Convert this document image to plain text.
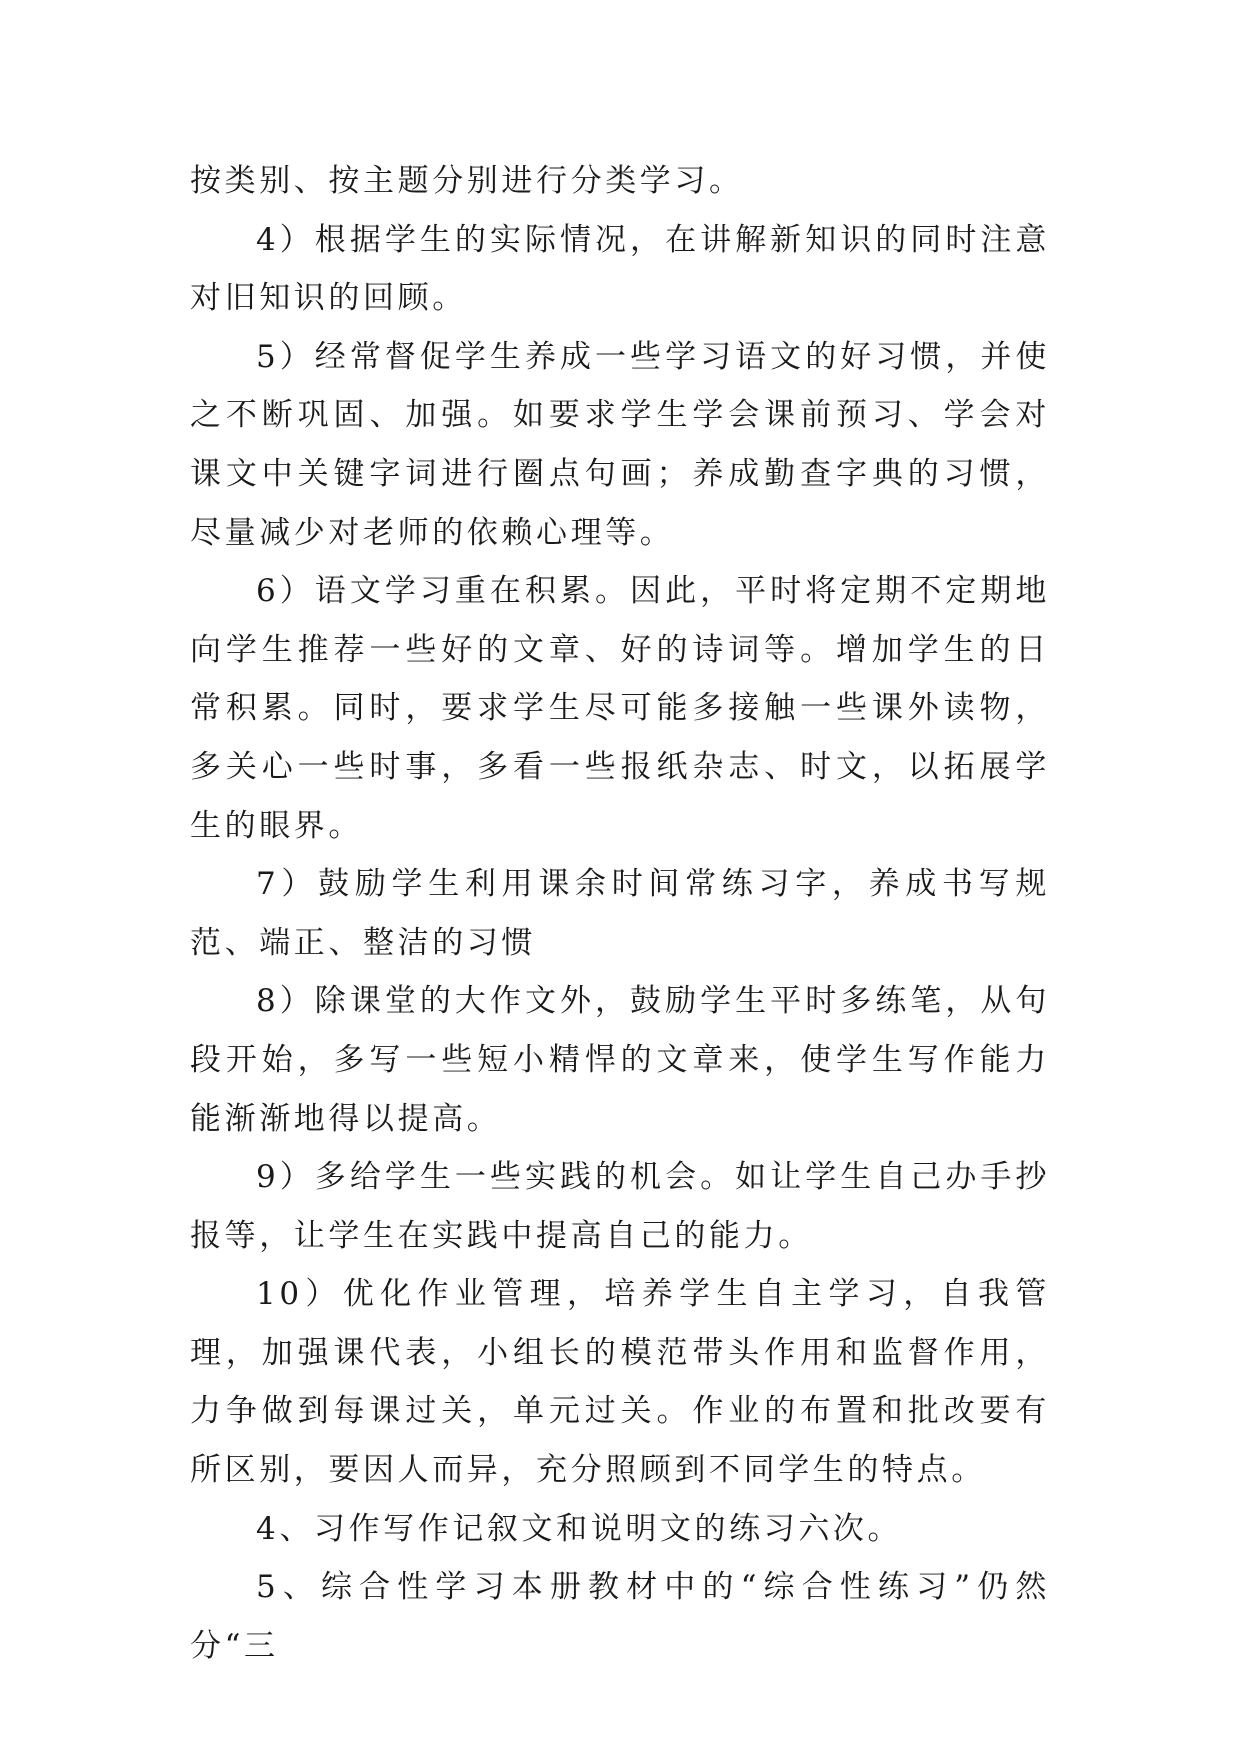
按类别、按主题分别进行分类学习。

4）根据学生的实际情况，在讲解新知识的同时注意对旧知识的回顾。

5）经常督促学生养成一些学习语文的好习惯，并使之不断巩固、加强。如要求学生学会课前预习、学会对课文中关键字词进行圈点句画；养成勤查字典的习惯，尽量减少对老师的依赖心理等。

6）语文学习重在积累。因此，平时将定期不定期地向学生推荐一些好的文章、好的诗词等。增加学生的日常积累。同时，要求学生尽可能多接触一些课外读物，多关心一些时事，多看一些报纸杂志、时文，以拓展学生的眼界。

7）鼓励学生利用课余时间常练习字，养成书写规范、端正、整洁的习惯

8）除课堂的大作文外，鼓励学生平时多练笔，从句段开始，多写一些短小精悍的文章来，使学生写作能力能渐渐地得以提高。

9）多给学生一些实践的机会。如让学生自己办手抄报等，让学生在实践中提高自己的能力。

10）优化作业管理，培养学生自主学习，自我管理，加强课代表，小组长的模范带头作用和监督作用，力争做到每课过关，单元过关。作业的布置和批改要有所区别，要因人而异，充分照顾到不同学生的特点。

4、习作写作记叙文和说明文的练习六次。

5、综合性学习本册教材中的“综合性练习”仍然分“三
